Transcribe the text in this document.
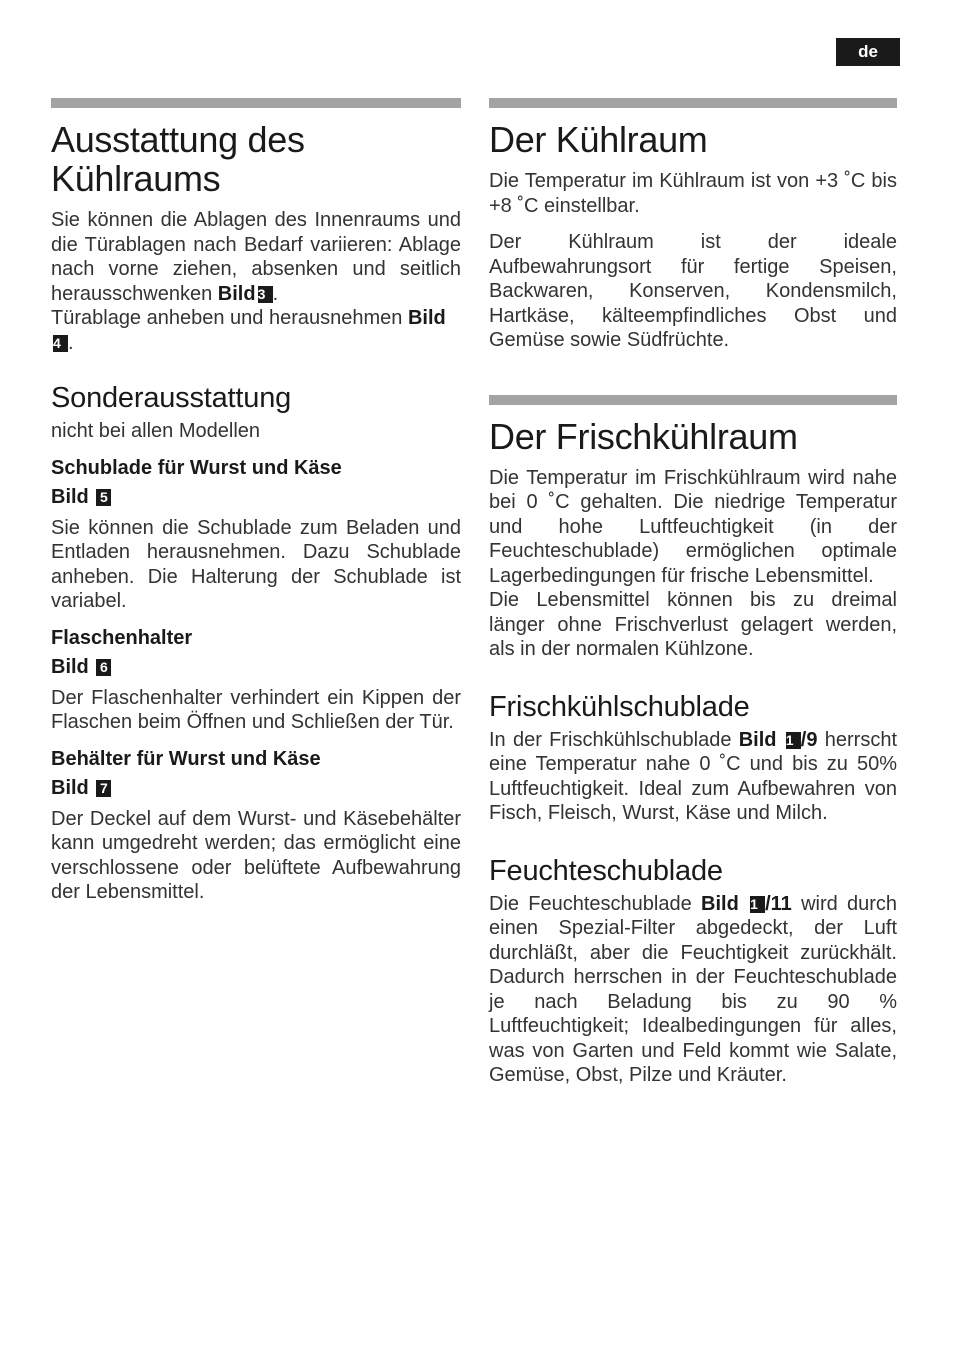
de
Ausstattung des
Kühlraums

Sie können die Ablagen des Innenraums und die Türablagen nach Bedarf variieren: Ablage nach vorne ziehen, absenken und seitlich herausschwenken Bild 3 .

Türablage anheben und herausnehmen Bild4 .

Sonderausstattung

nicht bei allen Modellen

Schublade für Wurst und Käse
Bild 5

Sie können die Schublade zum Beladen und Entladen herausnehmen. Dazu Schublade anheben. Die Halterung der Schublade ist variabel.

Flaschenhalter
Bild 6

Der Flaschenhalter verhindert ein Kippen der Flaschen beim Öffnen und Schließen der Tür.

Behälter für Wurst und Käse
Bild 7

Der Deckel auf dem Wurst- und Käsebehälter kann umgedreht werden; das ermöglicht eine verschlossene oder belüftete Aufbewahrung der Lebensmittel.

Der Kühlraum

Die Temperatur im Kühlraum ist von +3 ˚C bis +8 ˚C einstellbar.

Der Kühlraum ist der ideale Aufbewahrungsort für fertige Speisen, Backwaren, Konserven, Kondensmilch, Hartkäse, kälteempfindliches Obst und Gemüse sowie Südfrüchte.

Der Frischkühlraum

Die Temperatur im Frischkühlraum wird nahe bei 0 ˚C gehalten. Die niedrige Temperatur und hohe Luftfeuchtigkeit (in der Feuchteschublade) ermöglichen optimale Lagerbedingungen für frische Lebensmittel.

Die Lebensmittel können bis zu dreimal länger ohne Frischverlust gelagert werden, als in der normalen Kühlzone.

Frischkühlschublade

In der Frischkühlschublade Bild 1 /9 herrscht eine Temperatur nahe 0 ˚C und bis zu 50% Luftfeuchtigkeit. Ideal zum Aufbewahren von Fisch, Fleisch, Wurst, Käse und Milch.

Feuchteschublade

Die Feuchteschublade Bild 1 /11 wird durch einen Spezial-Filter abgedeckt, der Luft durchläßt, aber die Feuchtigkeit zurückhält. Dadurch herrschen in der Feuchteschublade je nach Beladung bis zu 90 % Luftfeuchtigkeit; Idealbedingungen für alles, was von Garten und Feld kommt wie Salate, Gemüse, Obst, Pilze und Kräuter.
